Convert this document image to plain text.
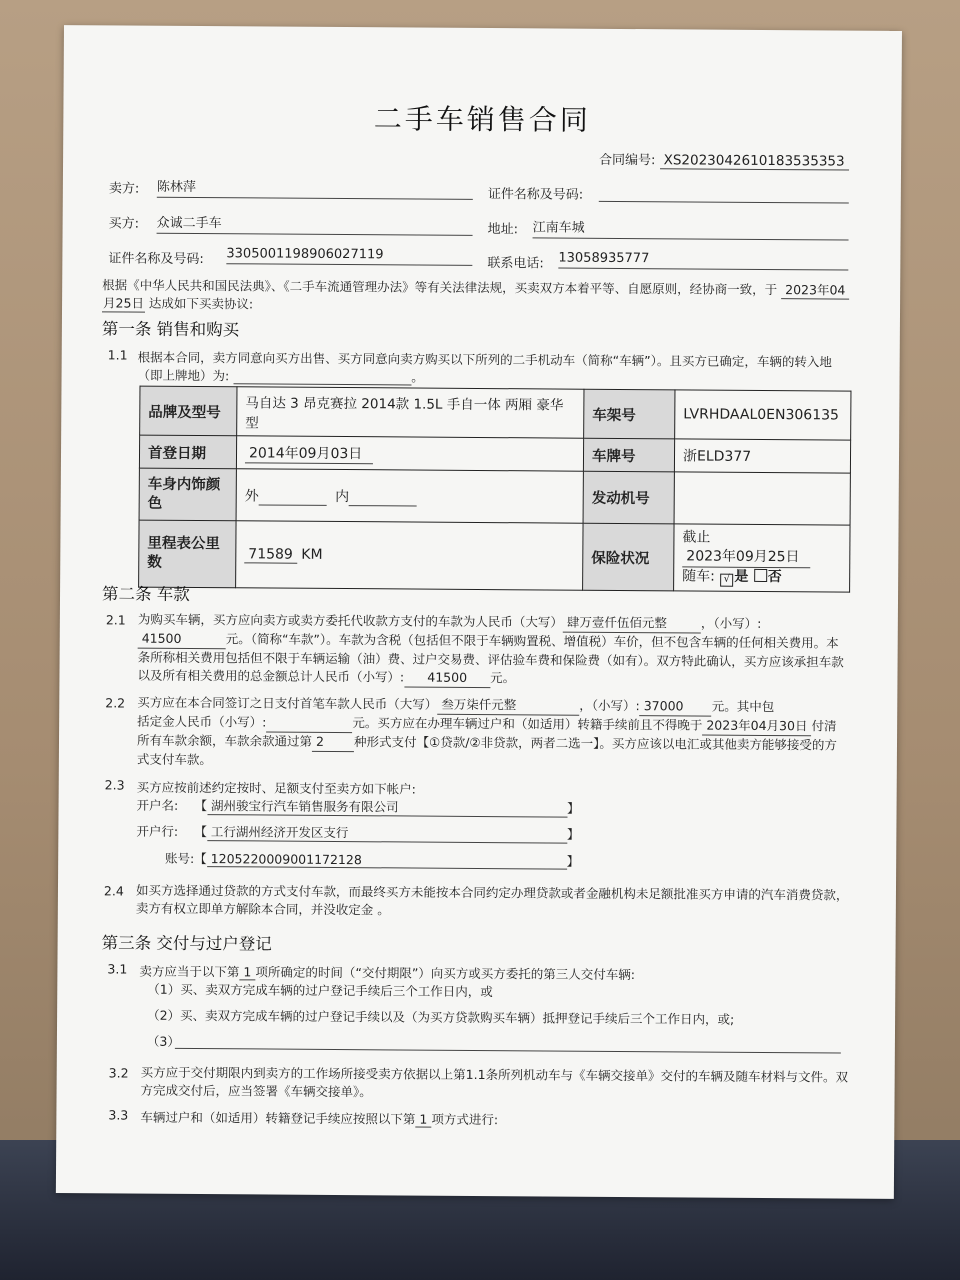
二手车销售合同
合同编号: XS2023042610183535353
卖方: 陈林萍	证件名称及号码:
买方: 众诚二手车	地址: 江南车城
证件名称及号码: 330500119890602711​9
联系电话: 13058935777
根据《中华人民共和国民法典》、《二手车流通管理办法》等有关法律法规，买卖双方本着平等、自愿原则，经协商一致，于 2023年04
月25日 达成如下买卖协议:
第一条 销售和购买
1.1 根据本合同，卖方同意向买方出售、买方同意向卖方购买以下所列的二手机动车（简称“车辆”）。且买方已确定，车辆的转入地
（即上牌地）为:	。
品牌及型号	马自达 3 昂克赛拉 2014款 1.5L 手自一体 两厢 豪华型	车架号	LVRHDAAL0EN306135
首登日期	2014年09月03日	车牌号	浙ELD377
车身内饰颜色	外 内	发动机号	
里程表公里数	71589 KM	保险状况	截止 2023年09月25日
随车: √ 是 否
第二条 车款
2.1 为购买车辆，买方应向卖方或卖方委托代收款方支付的车款为人民币（大写） 肆万壹仟伍佰元整	，（小写）:
41500	元。（简称“车款”）。车款为含税（包括但不限于车辆购置税、增值税）车价，但不包含车辆的任何相关费用。本
条所称相关费用包括但不限于车辆运输（油）费、过户交易费、评估验车费和保险费（如有）。双方特此确认，买方应该承担车款
以及所有相关费用的总金额总计人民币（小写）: 41500 元。
2.2 买方应在本合同签订之日支付首笔车款人民币（大写） 叁万柒仟元整	，（小写）: 37000 元。其中包
括定金人民币（小写）:	元。买方应在办理车辆过户和（如适用）转籍手续前且不得晚于 2023年04月30日 付清
所有车款余额，车款余款通过第 2 种形式支付【①贷款/②非贷款，两者二选一】。买方应该以电汇或其他卖方能够接受的方
式支付车款。
2.3 买方应按前述约定按时、足额支付至卖方如下帐户:
开户名: 【 湖州骏宝行汽车销售服务有限公司	】
开户行: 【 工行湖州经济开发区支行	】
账号:【 1205220009001172128	】
2.4 如买方选择通过贷款的方式支付车款，而最终买方未能按本合同约定办理贷款或者金融机构未足额批准买方申请的汽车消费贷款，
卖方有权立即单方解除本合同，并没收定金 。
第三条 交付与过户登记
3.1 卖方应当于以下第 1 项所确定的时间（“交付期限”）向买方或买方委托的第三人交付车辆:
（1）买、卖双方完成车辆的过户登记手续后三个工作日内，或
（2）买、卖双方完成车辆的过户登记手续以及（为买方贷款购买车辆）抵押登记手续后三个工作日内，或;
（3）
3.2 买方应于交付期限内到卖方的工作场所接受卖方依据以上第1.1条所列机动车与《车辆交接单》交付的车辆及随车材料与文件。双
方完成交付后，应当签署《车辆交接单》。
3.3 车辆过户和（如适用）转籍登记手续应按照以下第 1 项方式进行:
